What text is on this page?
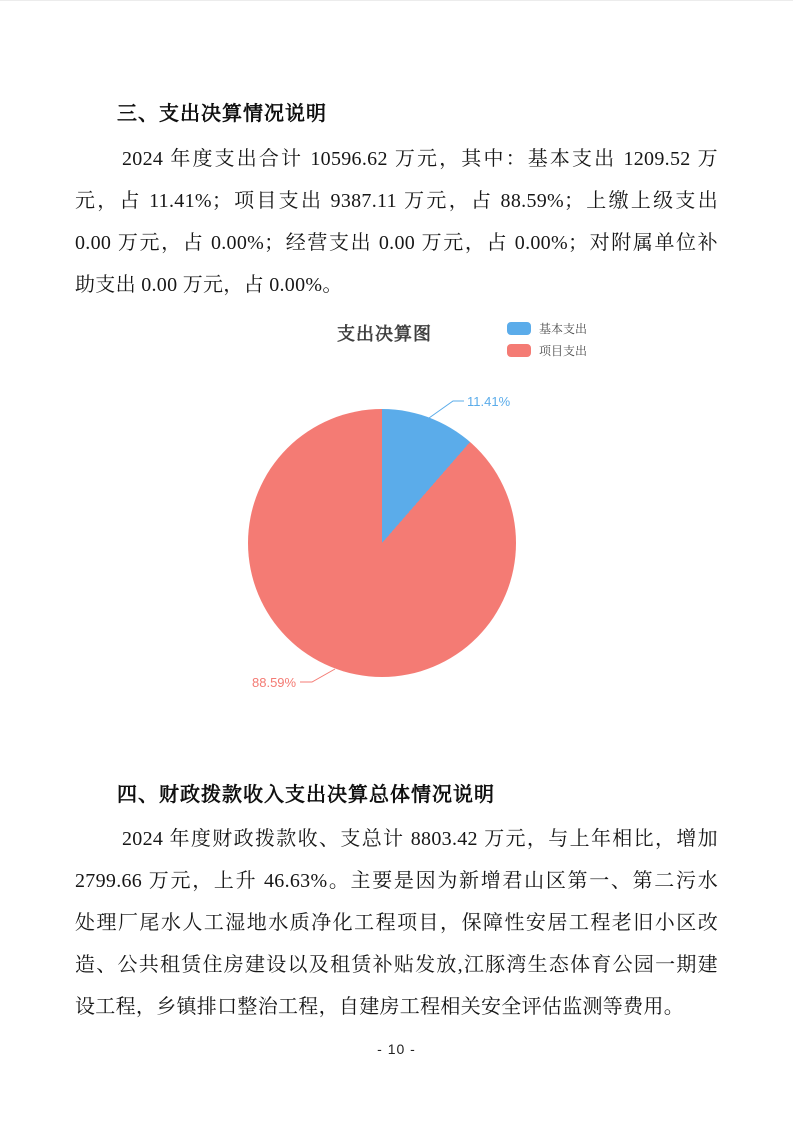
三、支出决算情况说明
2024 年度支出合计 10596.62 万元，其中：基本支出 1209.52 万
元，占 11.41%；项目支出 9387.11 万元，占 88.59%；上缴上级支出
0.00 万元，占 0.00%；经营支出 0.00 万元，占 0.00%；对附属单位补
助支出 0.00 万元，占 0.00%。
支出决算图	基本支出
项目支出
11.41%
88.59%
四、财政拨款收入支出决算总体情况说明
2024 年度财政拨款收、支总计 8803.42 万元，与上年相比，增加
2799.66 万元，上升 46.63%。主要是因为新增君山区第一、第二污水
处理厂尾水人工湿地水质净化工程项目，保障性安居工程老旧小区改
造、公共租赁住房建设以及租赁补贴发放,江豚湾生态体育公园一期建
设工程，乡镇排口整治工程，自建房工程相关安全评估监测等费用。
- 10 -
